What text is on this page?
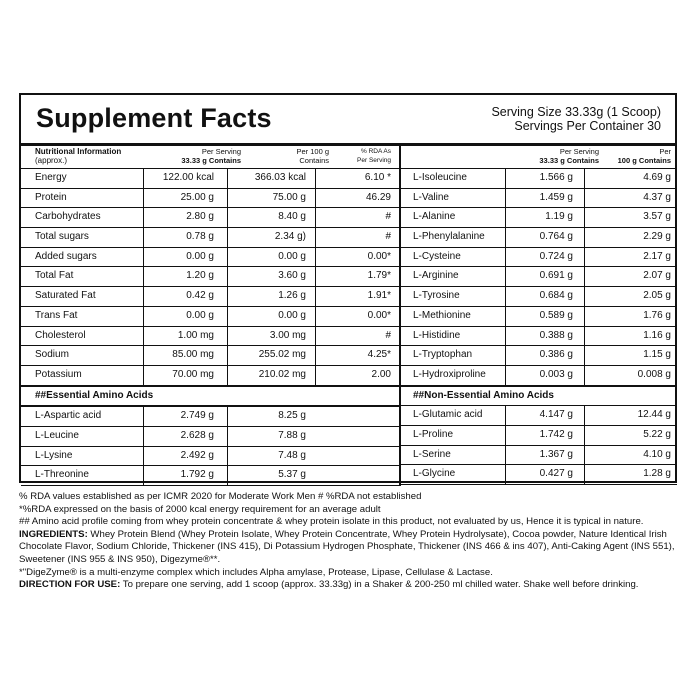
Supplement Facts	Serving Size 33.33g (1 Scoop)
Servings Per Container 30
Nutritional Information
(approx.)
Per Serving
33.33 g Contains
Per 100 g
Contains
% RDA As
Per Serving
Energy	122.00 kcal	366.03 kcal	6.10 *
Protein	25.00 g	75.00 g	46.29
Carbohydrates	2.80 g	8.40 g	#
Total sugars	0.78 g	2.34 g)	#
Added sugars	0.00 g	0.00 g	0.00*
Total Fat	1.20 g	3.60 g	1.79*
Saturated Fat	0.42 g	1.26 g	1.91*
Trans Fat	0.00 g	0.00 g	0.00*
Cholesterol	1.00 mg	3.00 mg	#
Sodium	85.00 mg	255.02 mg	4.25*
Potassium	70.00 mg	210.02 mg	2.00
##Essential Amino Acids
L-Aspartic acid	2.749 g	8.25 g
L-Leucine	2.628 g	7.88 g
L-Lysine	2.492 g	7.48 g
L-Threonine	1.792 g	5.37 g
Per Serving
33.33 g Contains
Per
100 g Contains
L-Isoleucine	1.566 g	4.69 g
L-Valine	1.459 g	4.37 g
L-Alanine	1.19 g	3.57 g
L-Phenylalanine	0.764 g	2.29 g
L-Cysteine	0.724 g	2.17 g
L-Arginine	0.691 g	2.07 g
L-Tyrosine	0.684 g	2.05 g
L-Methionine	0.589 g	1.76 g
L-Histidine	0.388 g	1.16 g
L-Tryptophan	0.386 g	1.15 g
L-Hydroxiproline	0.003 g	0.008 g
##Non-Essential Amino Acids
L-Glutamic acid	4.147 g	12.44 g
L-Proline	1.742 g	5.22 g
L-Serine	1.367 g	4.10 g
L-Glycine	0.427 g	1.28 g

% RDA values established as per ICMR 2020 for Moderate Work Men # %RDA not established

*%RDA expressed on the basis of 2000 kcal energy requirement for an average adult

## Amino acid profile coming from whey protein concentrate & whey protein isolate in this product, not evaluated by us, Hence it is typical in nature.

INGREDIENTS: Whey Protein Blend (Whey Protein Isolate, Whey Protein Concentrate, Whey Protein Hydrolysate), Cocoa powder, Nature Identical Irish Chocolate Flavor, Sodium Chloride, Thickener (INS 415), Di Potassium Hydrogen Phosphate, Thickener (INS 466 & ins 407), Anti-Caking Agent (INS 551), Sweetener (INS 955 & INS 950), Digezyme®**.

*"DigeZyme® is a multi-enzyme complex which includes Alpha amylase, Protease, Lipase, Cellulase & Lactase.

DIRECTION FOR USE: To prepare one serving, add 1 scoop (approx. 33.33g) in a Shaker & 200-250 ml chilled water. Shake well before drinking.
